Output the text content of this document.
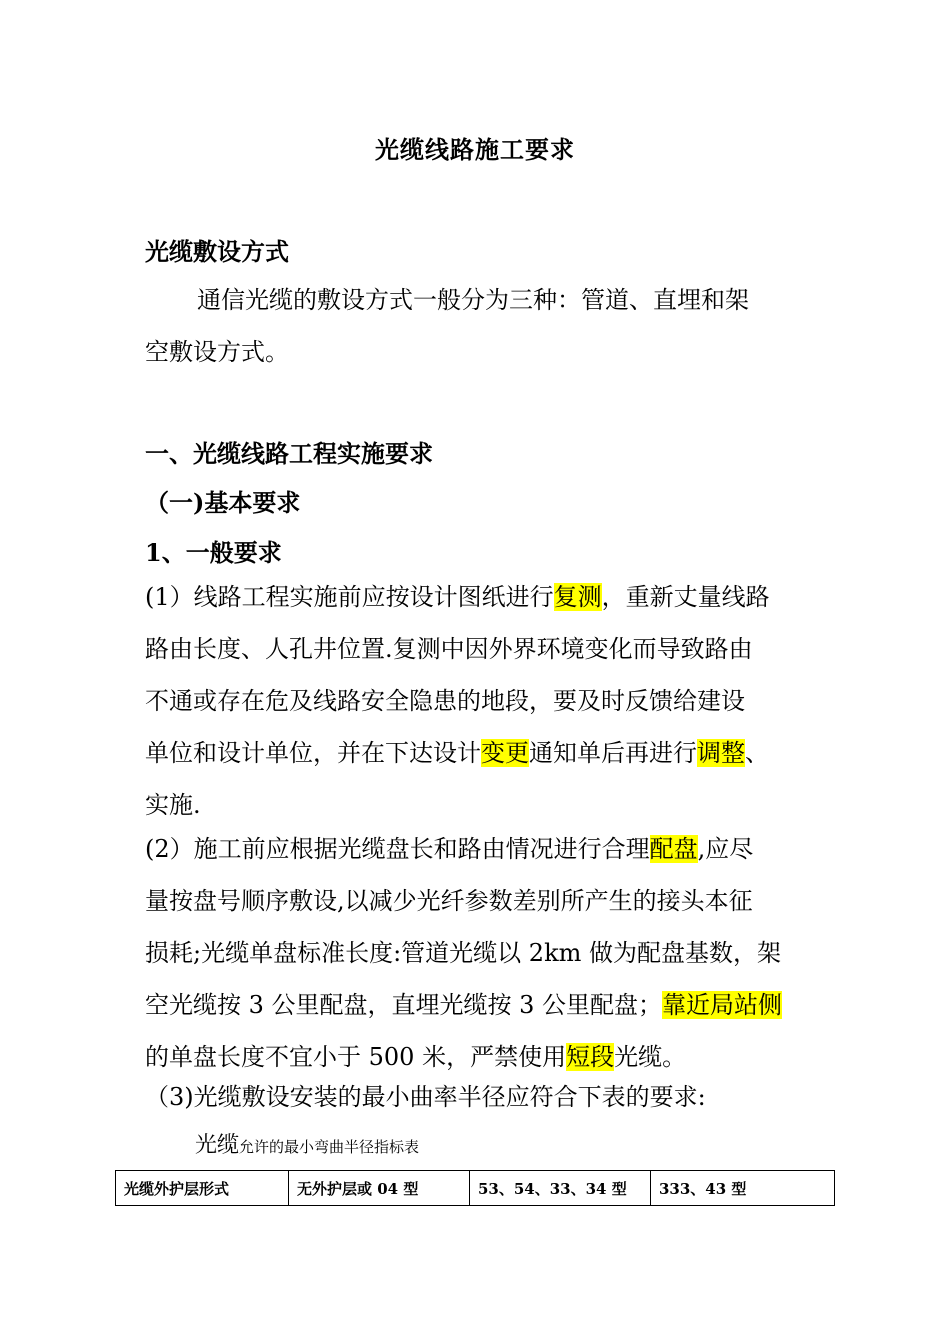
光缆线路施工要求
光缆敷设方式
通信光缆的敷设方式一般分为三种：管道、直埋和架
空敷设方式。
一、光缆线路工程实施要求
（一)基本要求
1、一般要求
(1）线路工程实施前应按设计图纸进行复测，重新丈量线路
路由长度、人孔井位置.复测中因外界环境变化而导致路由
不通或存在危及线路安全隐患的地段，要及时反馈给建设
单位和设计单位，并在下达设计变更通知单后再进行调整、
实施.
(2）施工前应根据光缆盘长和路由情况进行合理配盘,应尽
量按盘号顺序敷设,以减少光纤参数差别所产生的接头本征
损耗;光缆单盘标准长度:管道光缆以 2km 做为配盘基数，架
空光缆按 3 公里配盘，直埋光缆按 3 公里配盘；靠近局站侧
的单盘长度不宜小于 500 米，严禁使用短段光缆。
（3)光缆敷设安装的最小曲率半径应符合下表的要求:
光缆允许的最小弯曲半径指标表
光缆外护层形式	无外护层或 04 型	53、54、33、34 型	333、43 型
